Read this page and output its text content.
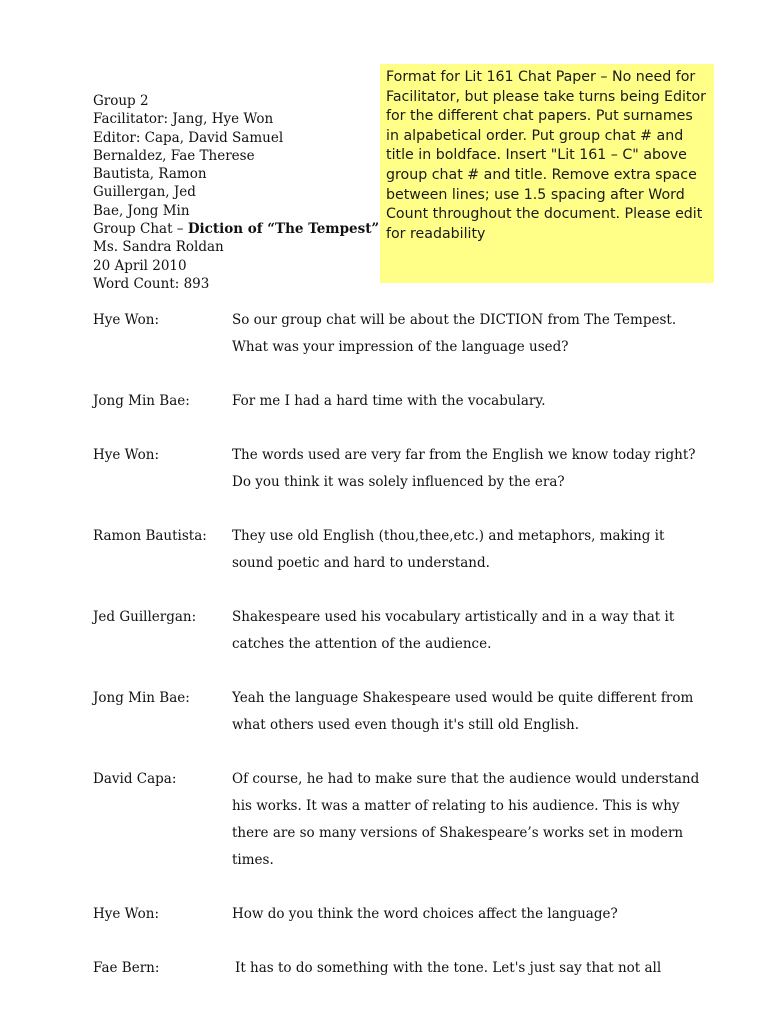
Group 2
Facilitator: Jang, Hye Won
Editor: Capa, David Samuel
Bernaldez, Fae Therese
Bautista, Ramon
Guillergan, Jed
Bae, Jong Min
Group Chat – Diction of “The Tempest”
Ms. Sandra Roldan
20 April 2010
Word Count: 893
Format for Lit 161 Chat Paper – No need for Facilitator, but please take turns being Editor for the different chat papers. Put surnames in alpabetical order. Put group chat # and title in boldface. Insert "Lit 161 – C" above group chat # and title. Remove extra space between lines; use 1.5 spacing after Word Count throughout the document. Please edit for readability
Hye Won:	So our group chat will be about the DICTION from The Tempest. What was your impression of the language used?
Jong Min Bae:	For me I had a hard time with the vocabulary.
Hye Won:	The words used are very far from the English we know today right? Do you think it was solely influenced by the era?
Ramon Bautista:	They use old English (thou,thee,etc.) and metaphors, making it sound poetic and hard to understand.
Jed Guillergan:	Shakespeare used his vocabulary artistically and in a way that it catches the attention of the audience.
Jong Min Bae:	Yeah the language Shakespeare used would be quite different from what others used even though it's still old English.
David Capa:	Of course, he had to make sure that the audience would understand his works. It was a matter of relating to his audience. This is why there are so many versions of Shakespeare’s works set in modern times.
Hye Won:	How do you think the word choices affect the language?
Fae Bern:	It has to do something with the tone. Let's just say that not all
